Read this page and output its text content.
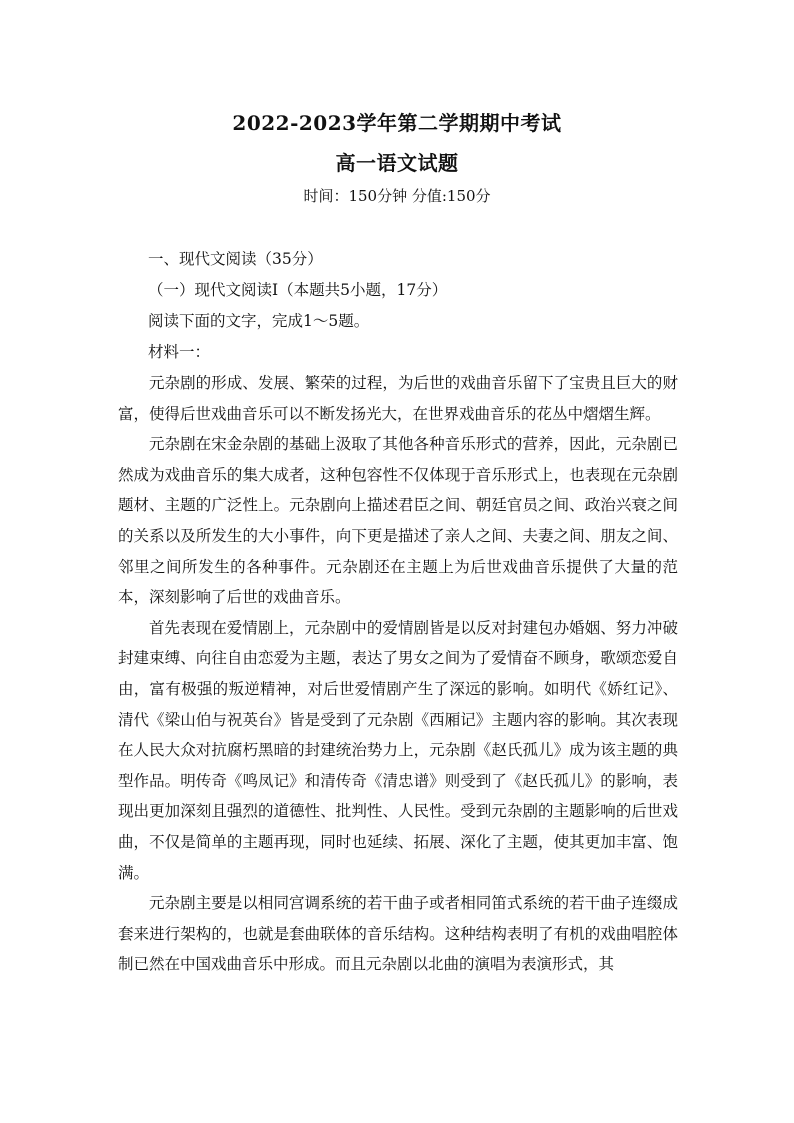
2022-2023学年第二学期期中考试
高一语文试题
时间：150分钟 分值:150分
一、现代文阅读（35分）
（一）现代文阅读Ⅰ（本题共5小题，17分）
阅读下面的文字，完成1～5题。
材料一：

元杂剧的形成、发展、繁荣的过程，为后世的戏曲音乐留下了宝贵且巨大的财富，使得后世戏曲音乐可以不断发扬光大，在世界戏曲音乐的花丛中熠熠生辉。

元杂剧在宋金杂剧的基础上汲取了其他各种音乐形式的营养，因此，元杂剧已然成为戏曲音乐的集大成者，这种包容性不仅体现于音乐形式上，也表现在元杂剧题材、主题的广泛性上。元杂剧向上描述君臣之间、朝廷官员之间、政治兴衰之间的关系以及所发生的大小事件，向下更是描述了亲人之间、夫妻之间、朋友之间、邻里之间所发生的各种事件。元杂剧还在主题上为后世戏曲音乐提供了大量的范本，深刻影响了后世的戏曲音乐。

首先表现在爱情剧上，元杂剧中的爱情剧皆是以反对封建包办婚姻、努力冲破封建束缚、向往自由恋爱为主题，表达了男女之间为了爱情奋不顾身，歌颂恋爱自由，富有极强的叛逆精神，对后世爱情剧产生了深远的影响。如明代《娇红记》、清代《梁山伯与祝英台》皆是受到了元杂剧《西厢记》主题内容的影响。其次表现在人民大众对抗腐朽黑暗的封建统治势力上，元杂剧《赵氏孤儿》成为该主题的典型作品。明传奇《鸣凤记》和清传奇《清忠谱》则受到了《赵氏孤儿》的影响，表现出更加深刻且强烈的道德性、批判性、人民性。受到元杂剧的主题影响的后世戏曲，不仅是简单的主题再现，同时也延续、拓展、深化了主题，使其更加丰富、饱满。

元杂剧主要是以相同宫调系统的若干曲子或者相同笛式系统的若干曲子连缀成套来进行架构的，也就是套曲联体的音乐结构。这种结构表明了有机的戏曲唱腔体制已然在中国戏曲音乐中形成。而且元杂剧以北曲的演唱为表演形式，其
